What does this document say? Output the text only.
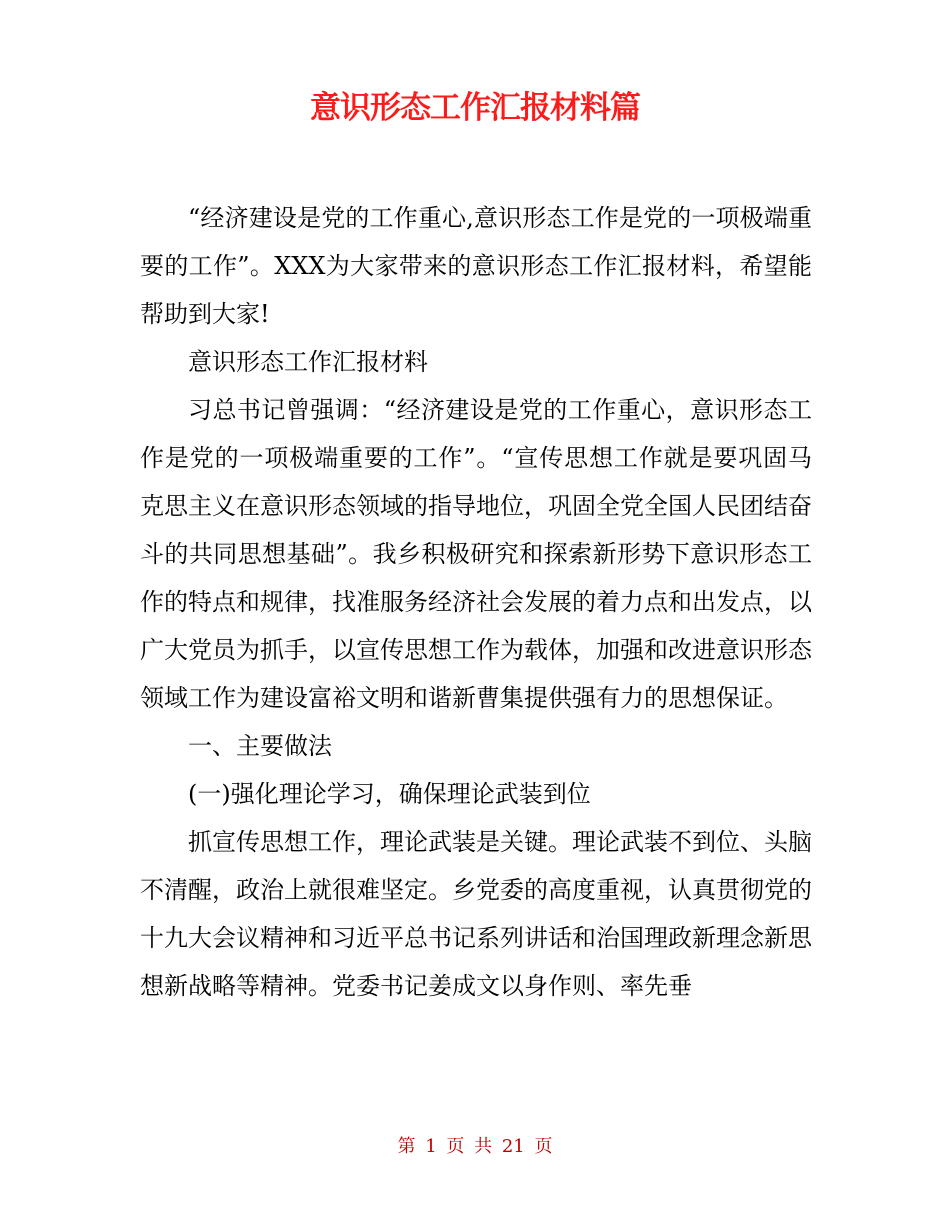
意识形态工作汇报材料篇

“经济建设是党的工作重心,意识形态工作是党的一项极端重要的工作”。XXX为大家带来的意识形态工作汇报材料，希望能帮助到大家!

意识形态工作汇报材料

习总书记曾强调：“经济建设是党的工作重心，意识形态工作是党的一项极端重要的工作”。“宣传思想工作就是要巩固马克思主义在意识形态领域的指导地位，巩固全党全国人民团结奋斗的共同思想基础”。我乡积极研究和探索新形势下意识形态工作的特点和规律，找准服务经济社会发展的着力点和出发点，以广大党员为抓手，以宣传思想工作为载体，加强和改进意识形态领域工作为建设富裕文明和谐新曹集提供强有力的思想保证。

一、主要做法

(一)强化理论学习，确保理论武装到位

抓宣传思想工作，理论武装是关键。理论武装不到位、头脑不清醒，政治上就很难坚定。乡党委的高度重视，认真贯彻党的十九大会议精神和习近平总书记系列讲话和治国理政新理念新思想新战略等精神。党委书记姜成文以身作则、率先垂

第 1 页 共 21 页
